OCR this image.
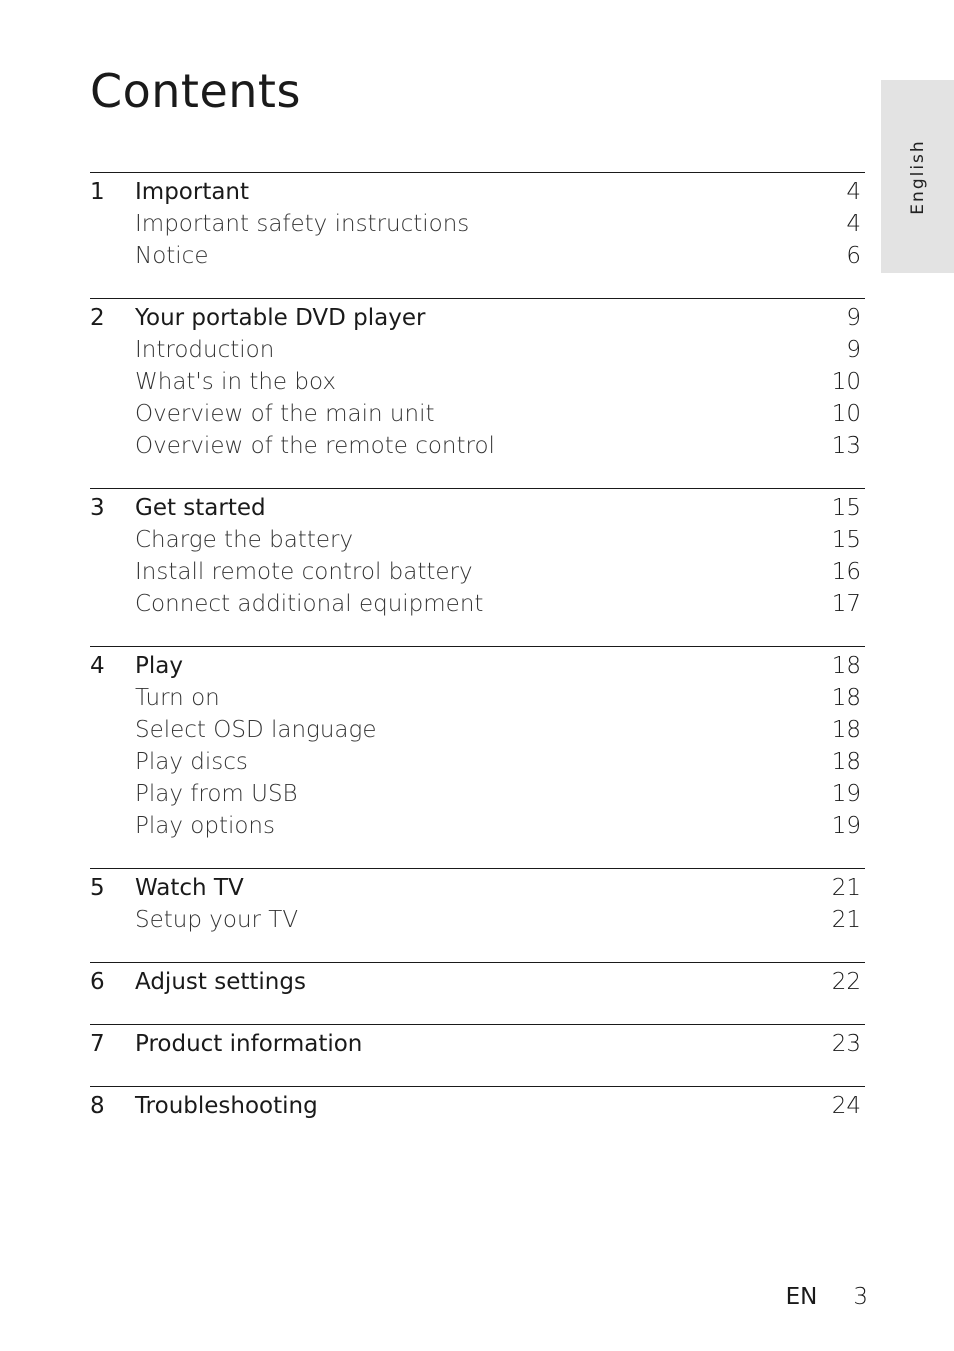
Contents
English
1	Important	4
Important safety instructions	4
Notice	6
2	Your portable DVD player	9
Introduction	9
What's in the box	10
Overview of the main unit	10
Overview of the remote control	13
3	Get started	15
Charge the battery	15
Install remote control battery	16
Connect additional equipment	17
4	Play	18
Turn on	18
Select OSD language	18
Play discs	18
Play from USB	19
Play options	19
5	Watch TV	21
Setup your TV	21
6	Adjust settings	22
7	Product information	23
8	Troubleshooting	24
EN 3
